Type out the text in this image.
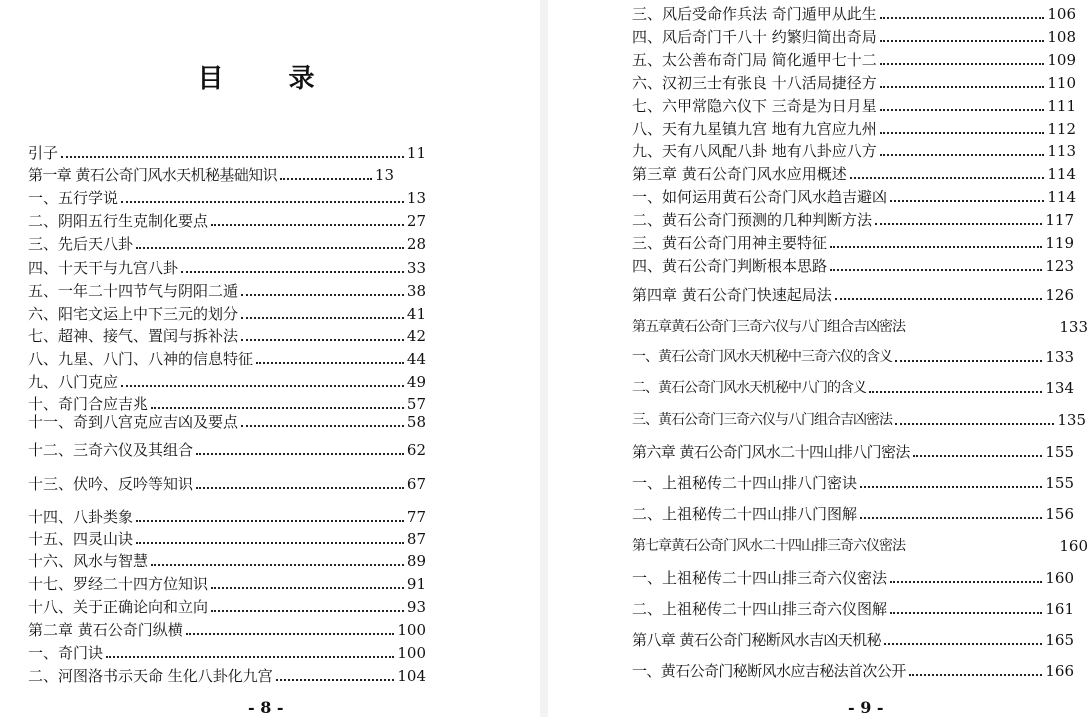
目 录
引子	11
第一章 黄石公奇门风水天机秘基础知识	13
一、五行学说	13
二、阴阳五行生克制化要点	27
三、先后天八卦	28
四、十天干与九宫八卦	33
五、一年二十四节气与阴阳二遁	38
六、阳宅文运上中下三元的划分	41
七、超神、接气、置闰与拆补法	42
八、九星、八门、八神的信息特征	44
九、八门克应	49
十、奇门合应吉兆	57
十一、奇到八宫克应吉凶及要点	58
十二、三奇六仪及其组合	62
十三、伏吟、反吟等知识	67
十四、八卦类象	77
十五、四灵山诀	87
十六、风水与智慧	89
十七、罗经二十四方位知识	91
十八、关于正确论向和立向	93
第二章 黄石公奇门纵横	100
一、奇门诀	100
二、河图洛书示天命 生化八卦化九宫	104
- 8 -
三、风后受命作兵法 奇门遁甲从此生	106
四、风后奇门千八十 约繁归简出奇局	108
五、太公善布奇门局 简化遁甲七十二	109
六、汉初三士有张良 十八活局捷径方	110
七、六甲常隐六仪下 三奇是为日月星	111
八、天有九星镇九宫 地有九宫应九州	112
九、天有八风配八卦 地有八卦应八方	113
第三章 黄石公奇门风水应用概述	114
一、如何运用黄石公奇门风水趋吉避凶	114
二、黄石公奇门预测的几种判断方法	117
三、黄石公奇门用神主要特征	119
四、黄石公奇门判断根本思路	123
第四章 黄石公奇门快速起局法	126
第五章黄石公奇门三奇六仪与八门组合吉凶密法	133
一、黄石公奇门风水天机秘中三奇六仪的含义	133
二、黄石公奇门风水天机秘中八门的含义	134
三、黄石公奇门三奇六仪与八门组合吉凶密法	135
第六章 黄石公奇门风水二十四山排八门密法	155
一、上祖秘传二十四山排八门密诀	155
二、上祖秘传二十四山排八门图解	156
第七章黄石公奇门风水二十四山排三奇六仪密法	160
一、上祖秘传二十四山排三奇六仪密法	160
二、上祖秘传二十四山排三奇六仪图解	161
第八章 黄石公奇门秘断风水吉凶天机秘	165
一、黄石公奇门秘断风水应吉秘法首次公开	166
- 9 -
